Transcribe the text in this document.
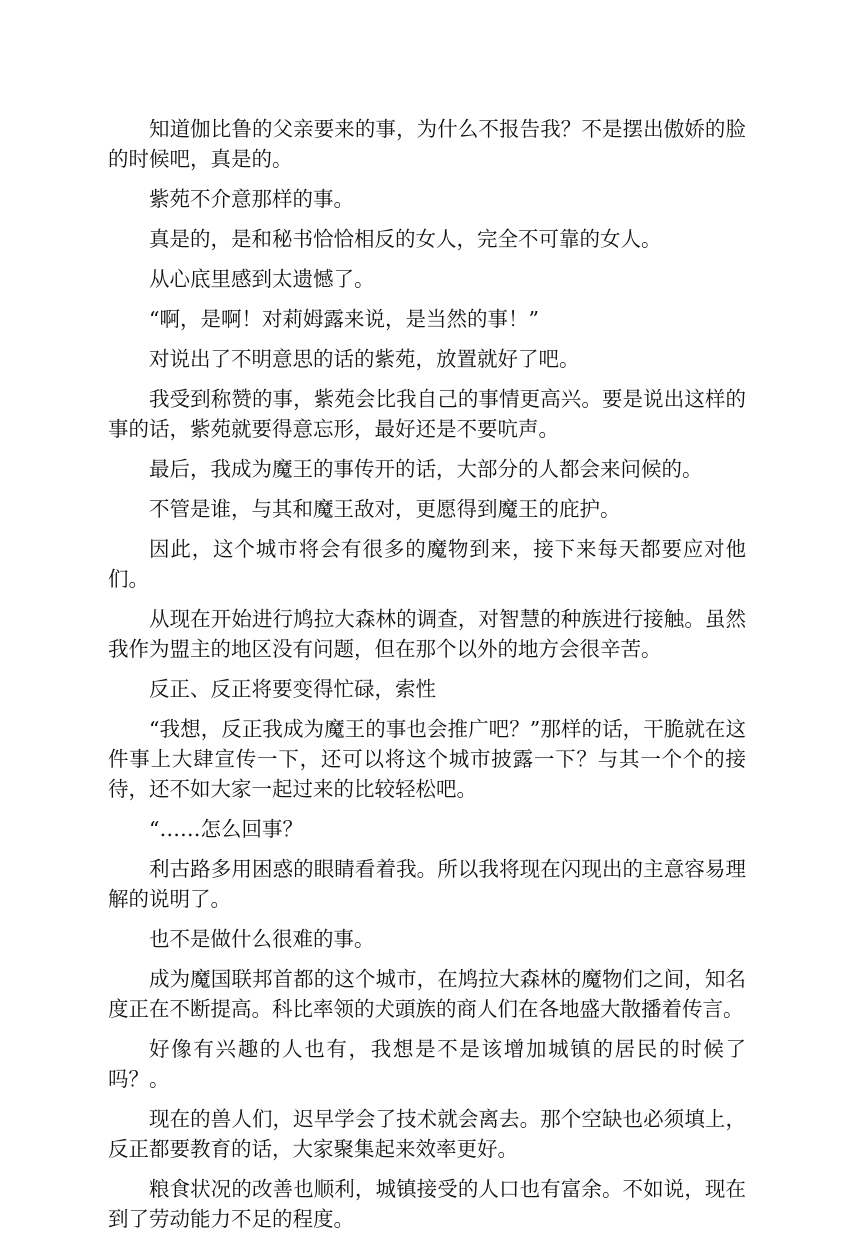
知道伽比鲁的父亲要来的事，为什么不报告我？不是摆出傲娇的脸的时候吧，真是的。

紫苑不介意那样的事。

真是的，是和秘书恰恰相反的女人，完全不可靠的女人。

从心底里感到太遗憾了。

“啊，是啊！对莉姆露来说，是当然的事！”

对说出了不明意思的话的紫苑，放置就好了吧。

我受到称赞的事，紫苑会比我自己的事情更高兴。要是说出这样的事的话，紫苑就要得意忘形，最好还是不要吭声。

最后，我成为魔王的事传开的话，大部分的人都会来问候的。

不管是谁，与其和魔王敌对，更愿得到魔王的庇护。

因此，这个城市将会有很多的魔物到来，接下来每天都要应对他们。

从现在开始进行鸠拉大森林的调查，对智慧的种族进行接触。虽然我作为盟主的地区没有问题，但在那个以外的地方会很辛苦。

反正、反正将要变得忙碌，索性

“我想，反正我成为魔王的事也会推广吧？”那样的话，干脆就在这件事上大肆宣传一下，还可以将这个城市披露一下？与其一个个的接待，还不如大家一起过来的比较轻松吧。

“……怎么回事？

利古路多用困惑的眼睛看着我。所以我将现在闪现出的主意容易理解的说明了。

也不是做什么很难的事。

成为魔国联邦首都的这个城市，在鸠拉大森林的魔物们之间，知名度正在不断提高。科比率领的犬頭族的商人们在各地盛大散播着传言。

好像有兴趣的人也有，我想是不是该增加城镇的居民的时候了吗？。

现在的兽人们，迟早学会了技术就会离去。那个空缺也必须填上，反正都要教育的话，大家聚集起来效率更好。

粮食状况的改善也顺利，城镇接受的人口也有富余。不如说，现在到了劳动能力不足的程度。
